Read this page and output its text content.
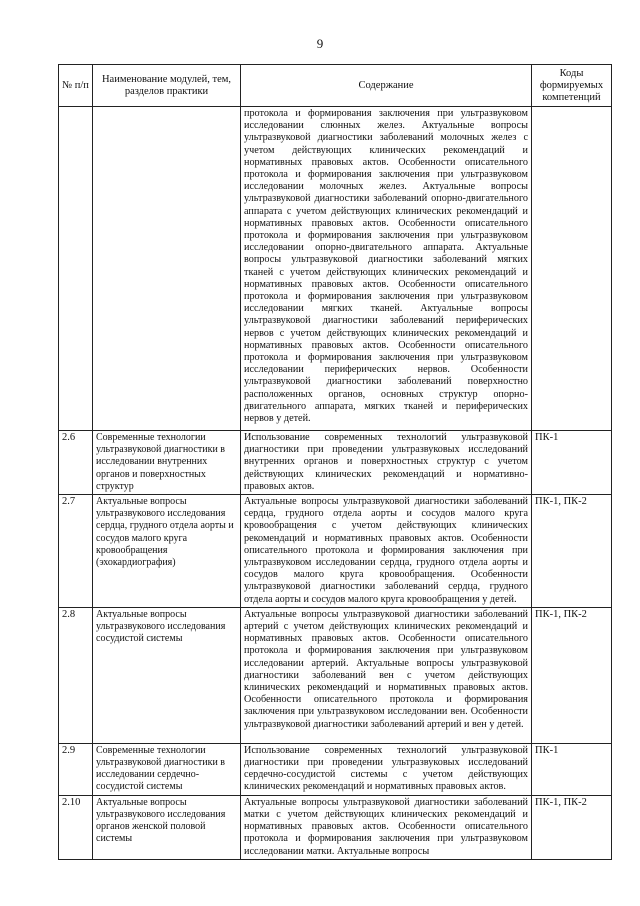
9
№ п/п	Наименование модулей, тем, разделов практики	Содержание	Коды формируемых компетенций
		протокола и формирования заключения при ультразвуковом исследовании слюнных желез. Актуальные вопросы ультразвуковой диагностики заболеваний молочных желез с учетом действующих клинических рекомендаций и нормативных правовых актов. Особенности описательного протокола и формирования заключения при ультразвуковом исследовании молочных желез. Актуальные вопросы ультразвуковой диагностики заболеваний опорно-двигательного аппарата с учетом действующих клинических рекомендаций и нормативных правовых актов. Особенности описательного протокола и формирования заключения при ультразвуковом исследовании опорно-двигательного аппарата. Актуальные вопросы ультразвуковой диагностики заболеваний мягких тканей с учетом действующих клинических рекомендаций и нормативных правовых актов. Особенности описательного протокола и формирования заключения при ультразвуковом исследовании мягких тканей. Актуальные вопросы ультразвуковой диагностики заболеваний периферических нервов с учетом действующих клинических рекомендаций и нормативных правовых актов. Особенности описательного протокола и формирования заключения при ультразвуковом исследовании периферических нервов. Особенности ультразвуковой диагностики заболеваний поверхностно расположенных органов, основных структур опорно-двигательного аппарата, мягких тканей и периферических нервов у детей.	
2.6	Современные технологии ультразвуковой диагностики в исследовании внутренних органов и поверхностных структур	Использование современных технологий ультразвуковой диагностики при проведении ультразвуковых исследований внутренних органов и поверхностных структур с учетом действующих клинических рекомендаций и нормативно-правовых актов.	ПК-1
2.7	Актуальные вопросы ультразвукового исследования сердца, грудного отдела аорты и сосудов малого круга кровообращения (эхокардиография)	Актуальные вопросы ультразвуковой диагностики заболеваний сердца, грудного отдела аорты и сосудов малого круга кровообращения с учетом действующих клинических рекомендаций и нормативных правовых актов. Особенности описательного протокола и формирования заключения при ультразвуковом исследовании сердца, грудного отдела аорты и сосудов малого круга кровообращения. Особенности ультразвуковой диагностики заболеваний сердца, грудного отдела аорты и сосудов малого круга кровообращения у детей.	ПК-1, ПК-2
2.8	Актуальные вопросы ультразвукового исследования сосудистой системы	Актуальные вопросы ультразвуковой диагностики заболеваний артерий с учетом действующих клинических рекомендаций и нормативных правовых актов. Особенности описательного протокола и формирования заключения при ультразвуковом исследовании артерий. Актуальные вопросы ультразвуковой диагностики заболеваний вен с учетом действующих клинических рекомендаций и нормативных правовых актов. Особенности описательного протокола и формирования заключения при ультразвуковом исследовании вен. Особенности ультразвуковой диагностики заболеваний артерий и вен у детей.	ПК-1, ПК-2
2.9	Современные технологии ультразвуковой диагностики в исследовании сердечно-сосудистой системы	Использование современных технологий ультразвуковой диагностики при проведении ультразвуковых исследований сердечно-сосудистой системы с учетом действующих клинических рекомендаций и нормативных правовых актов.	ПК-1
2.10	Актуальные вопросы ультразвукового исследования органов женской половой системы	Актуальные вопросы ультразвуковой диагностики заболеваний матки с учетом действующих клинических рекомендаций и нормативных правовых актов. Особенности описательного протокола и формирования заключения при ультразвуковом исследовании матки. Актуальные вопросы	ПК-1, ПК-2
